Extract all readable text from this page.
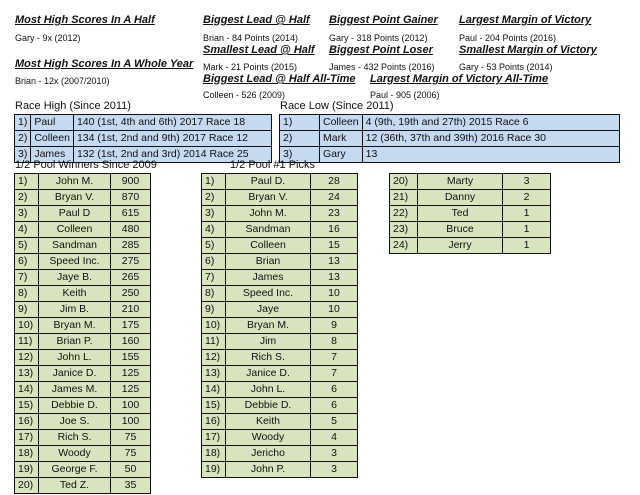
Most High Scores In A Half
Gary - 9x (2012)
Most High Scores In A Whole Year
Brian - 12x (2007/2010)
Biggest Lead @ Half
Brian - 84 Points (2014)
Smallest Lead @ Half
Mark - 21 Points (2015)
Biggest Lead @ Half All-Time
Colleen - 526 (2009)
Biggest Point Gainer
Gary - 318 Points (2012)
Biggest Point Loser
James - 432 Points (2016)
Largest Margin of Victory
Paul - 204 Points (2016)
Smallest Margin of Victory
Gary - 53 Points (2014)
Largest Margin of Victory All-Time
Paul - 905 (2006)
Race High (Since 2011)
1)	Paul	140 (1st, 4th and 6th) 2017 Race 18
2)	Colleen	134 (1st, 2nd and 9th) 2017 Race 12
3)	James	132 (1st, 2nd and 3rd) 2014 Race 25
Race Low (Since 2011)
1)	Colleen	4 (9th, 19th and 27th) 2015 Race 6
2)	Mark	12 (36th, 37th and 39th) 2016 Race 30
3)	Gary	13
1/2 Pool Winners Since 2009	1/2 Pool #1 Picks
1)	John M.	900
2)	Bryan V.	870
3)	Paul D	615
4)	Colleen	480
5)	Sandman	285
6)	Speed Inc.	275
7)	Jaye B.	265
8)	Keith	250
9)	Jim B.	210
10)	Bryan M.	175
11)	Brian P.	160
12)	John L.	155
13)	Janice D.	125
14)	James M.	125
15)	Debbie D.	100
16)	Joe S.	100
17)	Rich S.	75
18)	Woody	75
19)	George F.	50
20)	Ted Z.	35
1)	Paul D.	28
2)	Bryan V.	24
3)	John M.	23
4)	Sandman	16
5)	Colleen	15
6)	Brian	13
7)	James	13
8)	Speed Inc.	10
9)	Jaye	10
10)	Bryan M.	9
11)	Jim	8
12)	Rich S.	7
13)	Janice D.	7
14)	John L.	6
15)	Debbie D.	6
16)	Keith	5
17)	Woody	4
18)	Jericho	3
19)	John P.	3
20)	Marty	3
21)	Danny	2
22)	Ted	1
23)	Bruce	1
24)	Jerry	1
